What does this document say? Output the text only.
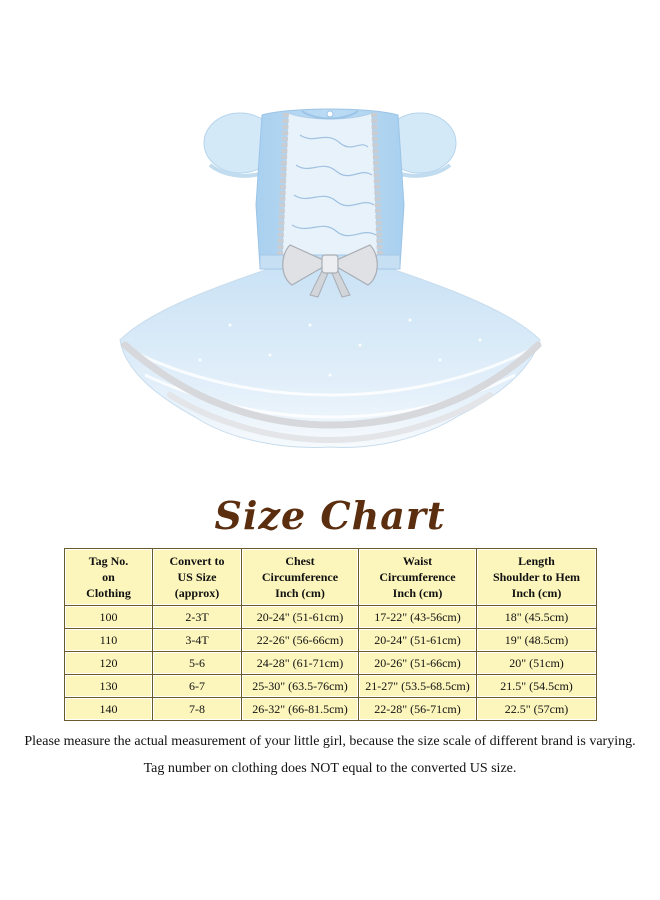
Size Chart
Tag No.
on
Clothing	Convert to
US Size
(approx)	Chest
Circumference
Inch (cm)	Waist
Circumference
Inch (cm)	Length
Shoulder to Hem
Inch (cm)

100	2-3T	20-24" (51-61cm)	17-22" (43-56cm)	18" (45.5cm)
110	3-4T	22-26" (56-66cm)	20-24" (51-61cm)	19" (48.5cm)
120	5-6	24-28" (61-71cm)	20-26" (51-66cm)	20" (51cm)
130	6-7	25-30" (63.5-76cm)	21-27" (53.5-68.5cm)	21.5" (54.5cm)
140	7-8	26-32" (66-81.5cm)	22-28" (56-71cm)	22.5" (57cm)

Please measure the actual measurement of your little girl, because the size scale of different brand is varying.

Tag number on clothing does NOT equal to the converted US size.
